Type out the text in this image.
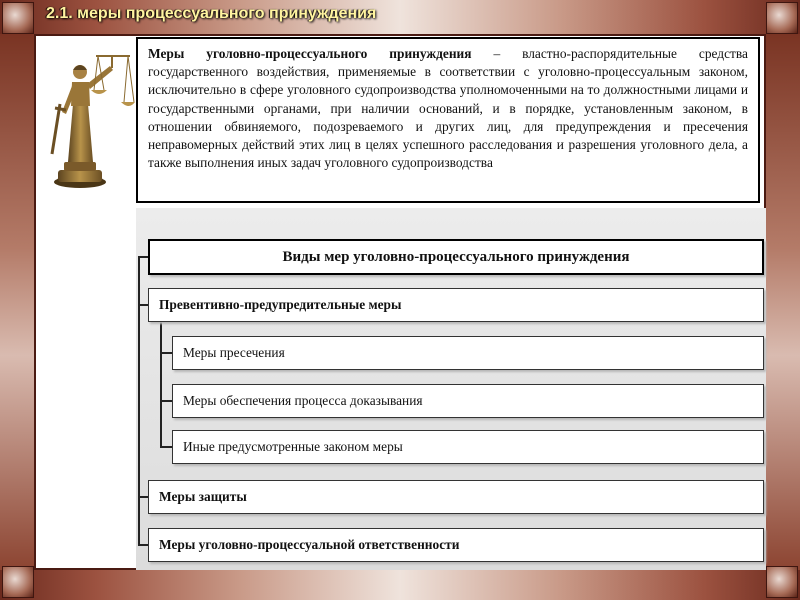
2.1. меры процессуального принуждения
Меры уголовно-процессуального принуждения – властно-распорядительные средства государственного воздействия, применяемые в соответствии с уголовно-процессуальным законом, исключительно в сфере уголовного судопроизводства уполномоченными на то должностными лицами и государственными органами, при наличии оснований, и в порядке, установленным законом, в отношении обвиняемого, подозреваемого и других лиц, для предупреждения и пресечения неправомерных действий этих лиц в целях успешного расследования и разрешения уголовного дела, а также выполнения иных задач уголовного судопроизводства
Виды мер уголовно-процессуального принуждения
Превентивно-предупредительные меры
Меры пресечения
Меры обеспечения процесса доказывания
Иные предусмотренные законом меры
Меры защиты
Меры уголовно-процессуальной ответственности
